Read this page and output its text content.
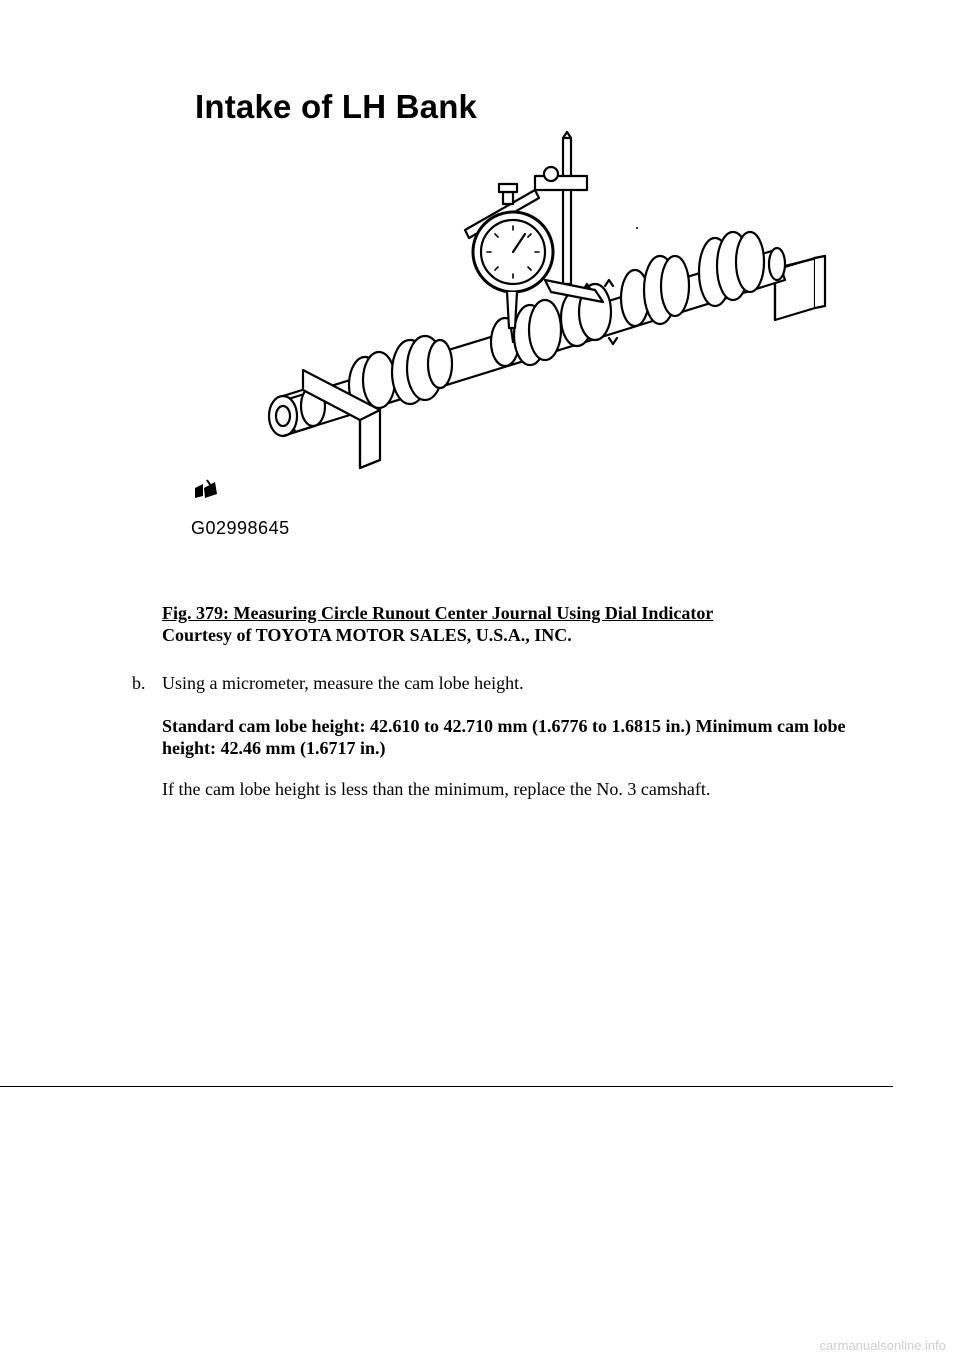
Intake of LH Bank
G02998645
Fig. 379: Measuring Circle Runout Center Journal Using Dial Indicator
Courtesy of TOYOTA MOTOR SALES, U.S.A., INC.
b. Using a micrometer, measure the cam lobe height.
Standard cam lobe height: 42.610 to 42.710 mm (1.6776 to 1.6815 in.) Minimum cam lobe height: 42.46 mm (1.6717 in.)
If the cam lobe height is less than the minimum, replace the No. 3 camshaft.
carmanualsonline.info
